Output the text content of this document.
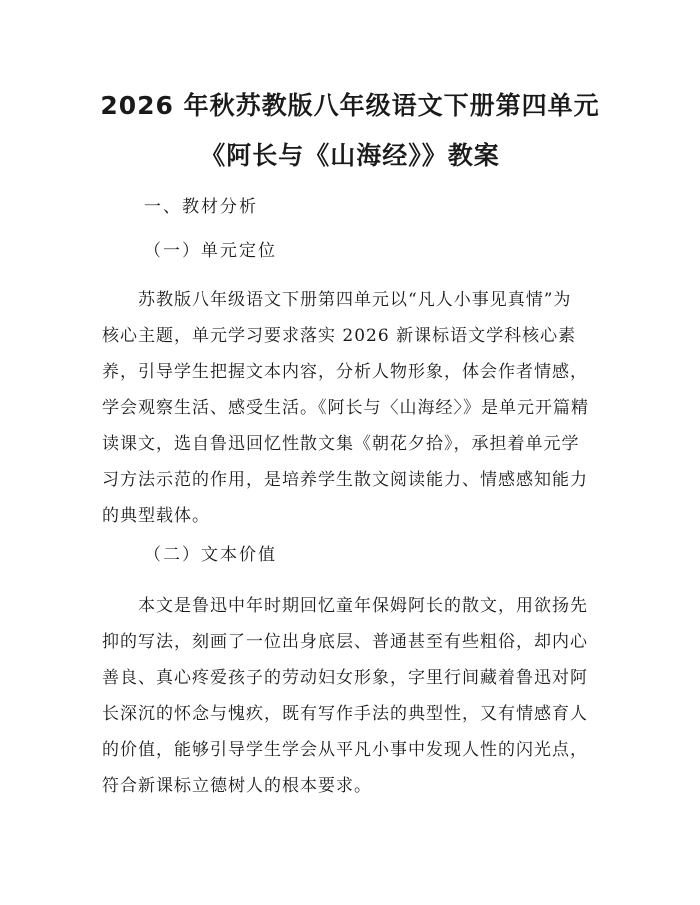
2026 年秋苏教版八年级语文下册第四单元
《阿长与《山海经》》教案
一、教材分析
（一）单元定位
　　苏教版八年级语文下册第四单元以“凡人小事见真情”为
核心主题，单元学习要求落实 2026 新课标语文学科核心素
养，引导学生把握文本内容，分析人物形象，体会作者情感，
学会观察生活、感受生活。《阿长与〈山海经〉》是单元开篇精
读课文，选自鲁迅回忆性散文集《朝花夕拾》，承担着单元学
习方法示范的作用，是培养学生散文阅读能力、情感感知能力
的典型载体。
（二）文本价值
　　本文是鲁迅中年时期回忆童年保姆阿长的散文，用欲扬先
抑的写法，刻画了一位出身底层、普通甚至有些粗俗，却内心
善良、真心疼爱孩子的劳动妇女形象，字里行间藏着鲁迅对阿
长深沉的怀念与愧疚，既有写作手法的典型性，又有情感育人
的价值，能够引导学生学会从平凡小事中发现人性的闪光点，
符合新课标立德树人的根本要求。
